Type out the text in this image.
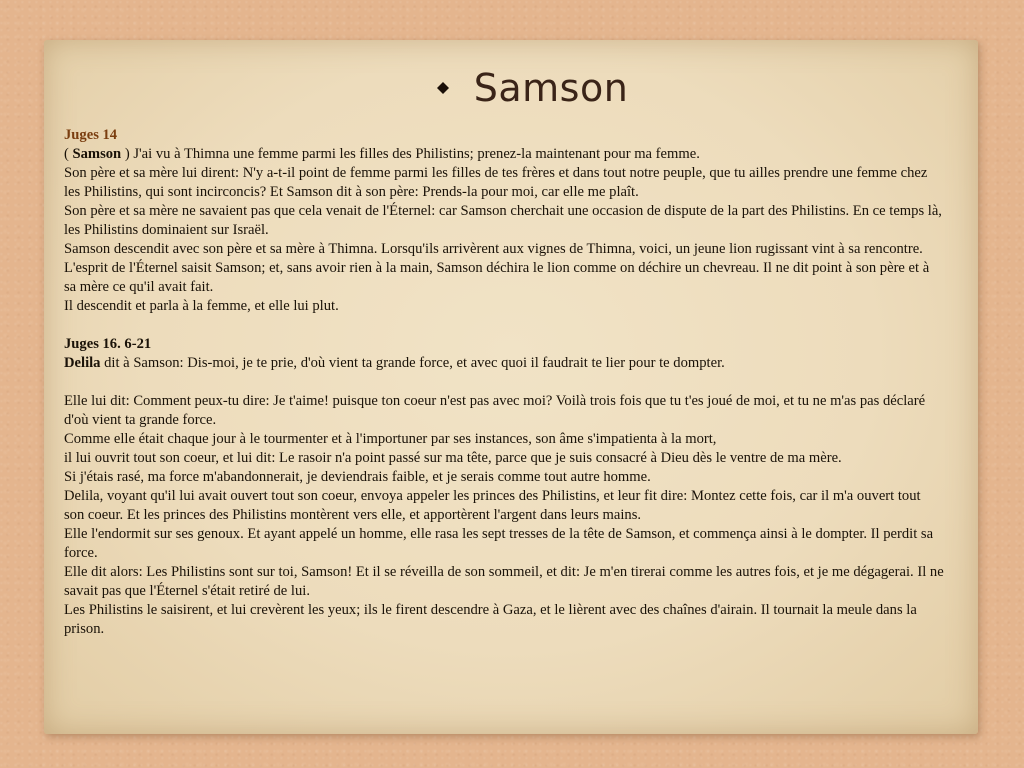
Samson

Juges 14

( Samson ) J'ai vu à Thimna une femme parmi les filles des Philistins; prenez-la maintenant pour ma femme.

Son père et sa mère lui dirent: N'y a-t-il point de femme parmi les filles de tes frères et dans tout notre peuple, que tu ailles prendre une femme chez les Philistins, qui sont incirconcis? Et Samson dit à son père: Prends-la pour moi, car elle me plaît.

Son père et sa mère ne savaient pas que cela venait de l'Éternel: car Samson cherchait une occasion de dispute de la part des Philistins. En ce temps là, les Philistins dominaient sur Israël.

Samson descendit avec son père et sa mère à Thimna. Lorsqu'ils arrivèrent aux vignes de Thimna, voici, un jeune lion rugissant vint à sa rencontre.

L'esprit de l'Éternel saisit Samson; et, sans avoir rien à la main, Samson déchira le lion comme on déchire un chevreau. Il ne dit point à son père et à sa mère ce qu'il avait fait.

Il descendit et parla à la femme, et elle lui plut.

Juges 16. 6-21

Delila dit à Samson: Dis-moi, je te prie, d'où vient ta grande force, et avec quoi il faudrait te lier pour te dompter.

Elle lui dit: Comment peux-tu dire: Je t'aime! puisque ton coeur n'est pas avec moi? Voilà trois fois que tu t'es joué de moi, et tu ne m'as pas déclaré d'où vient ta grande force.

Comme elle était chaque jour à le tourmenter et à l'importuner par ses instances, son âme s'impatienta à la mort,

il lui ouvrit tout son coeur, et lui dit: Le rasoir n'a point passé sur ma tête, parce que je suis consacré à Dieu dès le ventre de ma mère.

Si j'étais rasé, ma force m'abandonnerait, je deviendrais faible, et je serais comme tout autre homme.

Delila, voyant qu'il lui avait ouvert tout son coeur, envoya appeler les princes des Philistins, et leur fit dire: Montez cette fois, car il m'a ouvert tout son coeur. Et les princes des Philistins montèrent vers elle, et apportèrent l'argent dans leurs mains.

Elle l'endormit sur ses genoux. Et ayant appelé un homme, elle rasa les sept tresses de la tête de Samson, et commença ainsi à le dompter. Il perdit sa force.

Elle dit alors: Les Philistins sont sur toi, Samson! Et il se réveilla de son sommeil, et dit: Je m'en tirerai comme les autres fois, et je me dégagerai. Il ne savait pas que l'Éternel s'était retiré de lui.

Les Philistins le saisirent, et lui crevèrent les yeux; ils le firent descendre à Gaza, et le lièrent avec des chaînes d'airain. Il tournait la meule dans la prison.
